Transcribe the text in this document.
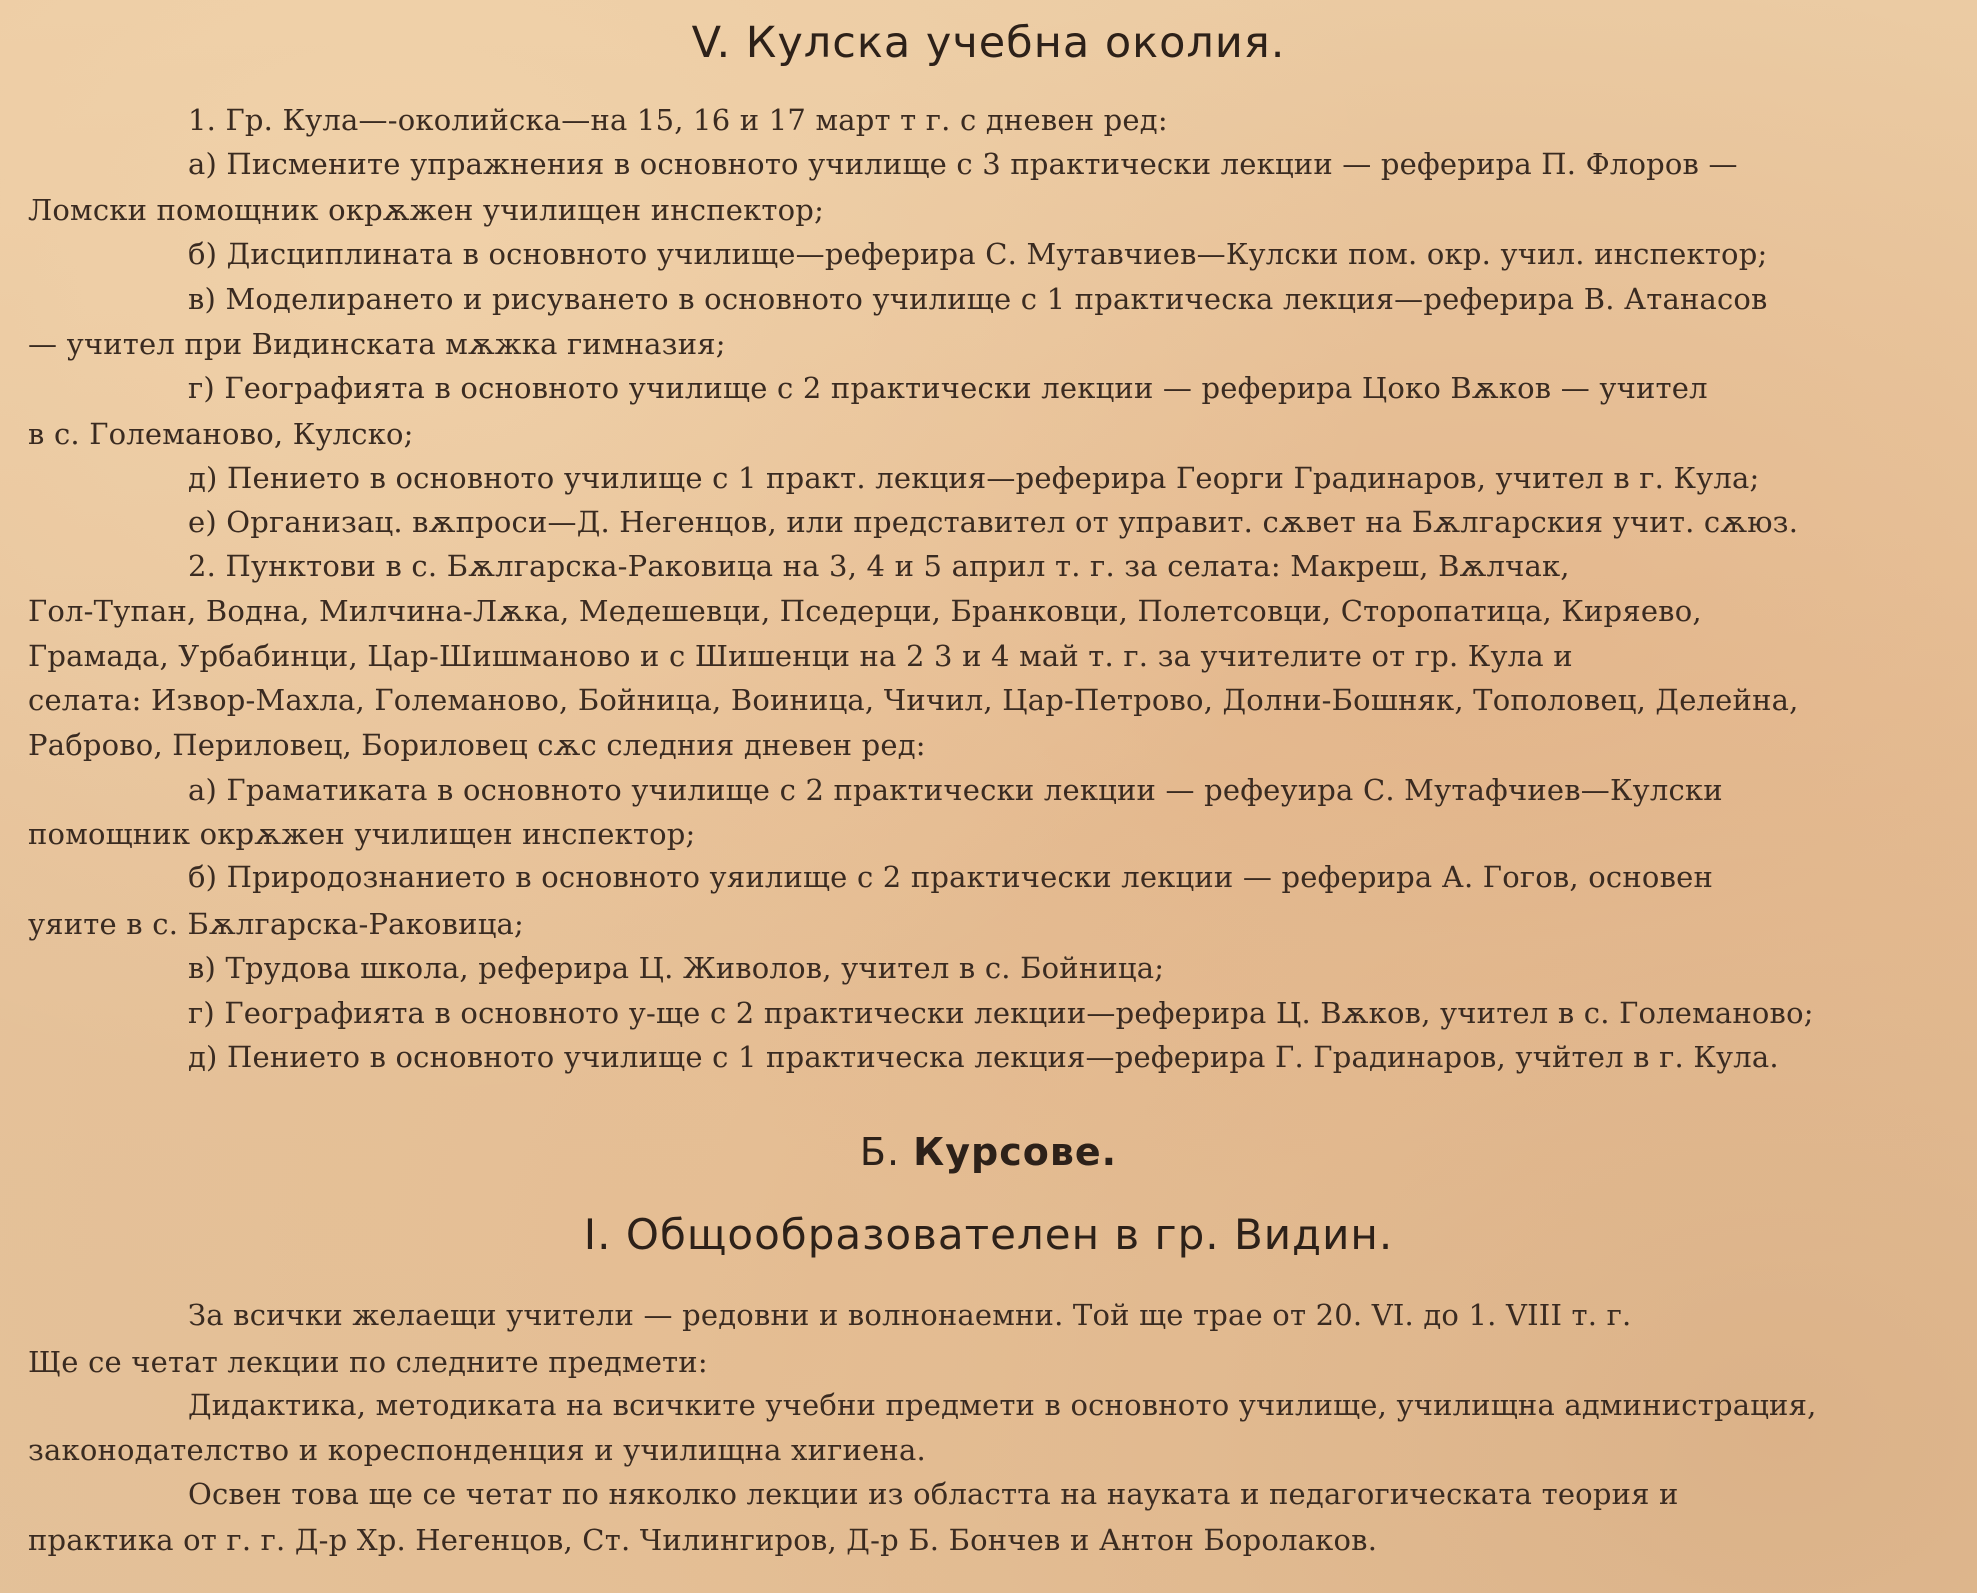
V. Кулска учебна околия.
1. Гр. Кула—-околийска—на 15, 16 и 17 март т г. с дневен ред:
а) Писмените упражнения в основното училище с 3 практически лекции — реферира П. Флоров —
Ломски помощник окрѫжен училищен инспектор;
б) Дисциплината в основното училище—реферира С. Мутавчиев—Кулски пом. окр. учил. инспектор;
в) Моделирането и рисуването в основното училище с 1 практическа лекция—реферира В. Атанасов
— учител при Видинската мѫжка гимназия;
г) Географията в основното училище с 2 практически лекции — реферира Цоко Вѫков — учител
в с. Големаново, Кулско;
д) Пението в основното училище с 1 практ. лекция—реферира Георги Градинаров, учител в г. Кула;
е) Организац. вѫпроси—Д. Негенцов, или представител от управит. сѫвет на Бѫлгарския учит. сѫюз.
2. Пунктови в с. Бѫлгарска-Раковица на 3, 4 и 5 април т. г. за селата: Макреш, Вѫлчак,
Гол-Тупан, Водна, Милчина-Лѫка, Медешевци, Пседерци, Бранковци, Полетсовци, Сторопатица, Киряево,
Грамада, Урбабинци, Цар-Шишманово и с Шишенци на 2 3 и 4 май т. г. за учителите от гр. Кула и
селата: Извор-Махла, Големаново, Бойница, Воиница, Чичил, Цар-Петрово, Долни-Бошняк, Тополовец, Делейна,
Раброво, Периловец, Бориловец сѫс следния дневен ред:
а) Граматиката в основното училище с 2 практически лекции — рефеуира С. Мутафчиев—Кулски
помощник окрѫжен училищен инспектор;
б) Природознанието в основното уяилище с 2 практически лекции — реферира А. Гогов, основен
уяите в с. Бѫлгарска-Раковица;
в) Трудова школа, реферира Ц. Живолов, учител в с. Бойница;
г) Географията в основното у-ще с 2 практически лекции—реферира Ц. Вѫков, учител в с. Големаново;
д) Пението в основното училище с 1 практическа лекция—реферира Г. Градинаров, учйтел в г. Кула.
Б. Курсове.
I. Общообразователен в гр. Видин.
За всички желаещи учители — редовни и волнонаемни. Той ще трае от 20. VI. до 1. VIII т. г.
Ще се четат лекции по следните предмети:
Дидактика, методиката на всичките учебни предмети в основното училище, училищна администрация,
законодателство и кореспонденция и училищна хигиена.
Освен това ще се четат по няколко лекции из областта на науката и педагогическата теория и
практика от г. г. Д-р Хр. Негенцов, Ст. Чилингиров, Д-р Б. Бончев и Антон Боролаков.
